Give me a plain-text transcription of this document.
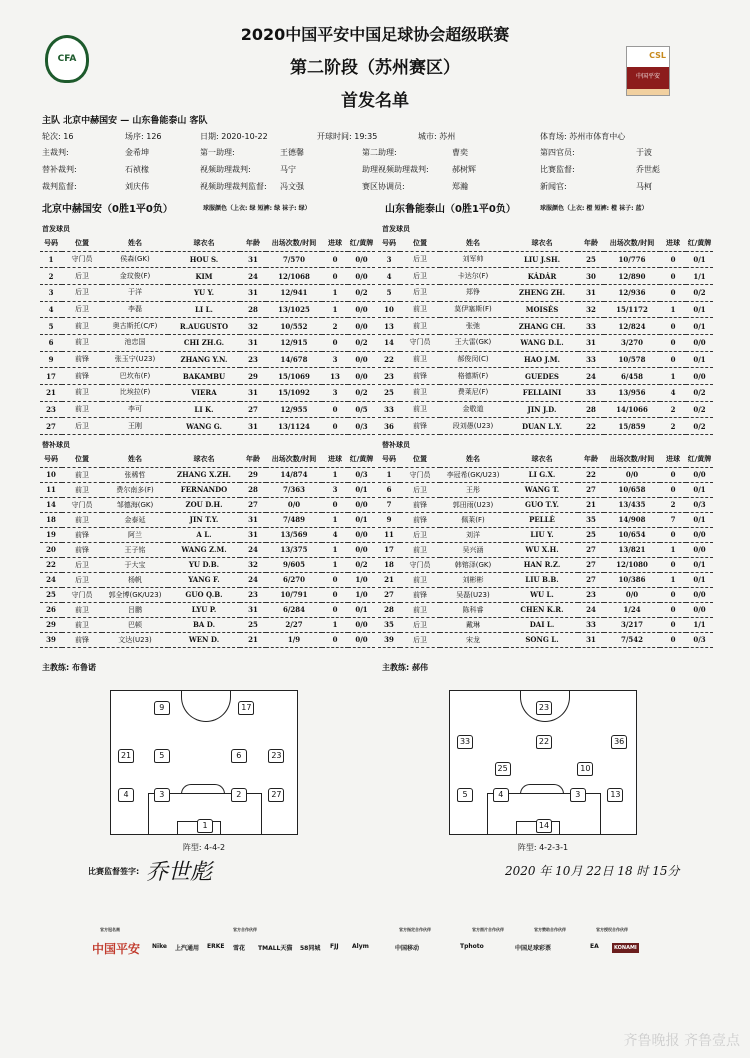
2020中国平安中国足球协会超级联赛
第二阶段（苏州赛区）
首发名单
CFA	CSL
中国平安
主队 北京中赫国安 — 山东鲁能泰山 客队
轮次: 16	场序: 126	日期: 2020-10-22	开球时间: 19:35	城市: 苏州	体育场: 苏州市体育中心
主裁判:	金希坤	第一助理:	王德馨	第二助理:	曹奕	第四官员:	于波
替补裁判:	石祯椽	视频助理裁判:	马宁	助理视频助理裁判:	郝树辉	比赛监督:	乔世彪
裁判监督:	刘庆伟	视频助理裁判监督: 冯文强	赛区协调员:	郑瀚	新闻官:	马柯
北京中赫国安（0胜1平0负）	球服颜色（上衣: 绿 短裤: 绿 袜子: 绿）	山东鲁能泰山（0胜1平0负）	球服颜色（上衣: 橙 短裤: 橙 袜子: 蓝）
首发球员	首发球员
替补球员	替补球员
号码	位置	姓名	球衣名	年龄	出场次数/时间	进球	红/黄牌
1	守门员	侯森(GK)	HOU S.	31	7/570	0	0/0
2	后卫	金玟俊(F)	KIM	24	12/1068	0	0/0
3	后卫	于洋	YU Y.	31	12/941	1	0/2
4	后卫	李磊	LI L.	28	13/1025	1	0/0
5	前卫	奥古斯托(C/F)	R.AUGUSTO	32	10/552	2	0/0
6	前卫	池忠国	CHI ZH.G.	31	12/915	0	0/2
9	前锋	张玉宁(U23)	ZHANG Y.N.	23	14/678	3	0/0
17	前锋	巴坎布(F)	BAKAMBU	29	15/1069	13	0/0
21	前卫	比埃拉(F)	VIERA	31	15/1092	3	0/2
23	前卫	李可	LI K.	27	12/955	0	0/5
27	后卫	王刚	WANG G.	31	13/1124	0	0/3
号码	位置	姓名	球衣名	年龄	出场次数/时间	进球	红/黄牌
3	后卫	刘军帅	LIU J.SH.	25	10/776	0	0/1
4	后卫	卡达尔(F)	KÁDÁR	30	12/890	0	1/1
5	后卫	郑铮	ZHENG ZH.	31	12/936	0	0/2
10	前卫	莫伊塞斯(F)	MOISÉS	32	15/1172	1	0/1
13	前卫	张弛	ZHANG CH.	33	12/824	0	0/1
14	守门员	王大雷(GK)	WANG D.L.	31	3/270	0	0/0
22	前卫	郝俊闵(C)	HAO J.M.	33	10/578	0	0/1
23	前锋	格德斯(F)	GUEDES	24	6/458	1	0/0
25	前卫	费莱尼(F)	FELLAINI	33	13/956	4	0/2
33	前卫	金敬道	JIN J.D.	28	14/1066	2	0/2
36	前锋	段刘愚(U23)	DUAN L.Y.	22	15/859	2	0/2
号码	位置	姓名	球衣名	年龄	出场次数/时间	进球	红/黄牌
10	前卫	张稀哲	ZHANG X.ZH.	29	14/874	1	0/3
11	前卫	费尔南多(F)	FERNANDO	28	7/363	3	0/1
14	守门员	邹德海(GK)	ZOU D.H.	27	0/0	0	0/0
18	前卫	金泰延	JIN T.Y.	31	7/489	1	0/1
19	前锋	阿兰	A L.	31	13/569	4	0/0
20	前锋	王子铭	WANG Z.M.	24	13/375	1	0/0
22	后卫	于大宝	YU D.B.	32	9/605	1	0/2
24	后卫	杨帆	YANG F.	24	6/270	0	1/0
25	守门员	郭全博(GK/U23)	GUO Q.B.	23	10/791	0	1/0
26	前卫	吕鹏	LYU P.	31	6/284	0	0/1
29	前卫	巴顿	BA D.	25	2/27	1	0/0
39	前锋	文达(U23)	WEN D.	21	1/9	0	0/0
号码	位置	姓名	球衣名	年龄	出场次数/时间	进球	红/黄牌
1	守门员	李冠希(GK/U23)	LI G.X.	22	0/0	0	0/0
6	后卫	王彤	WANG T.	27	10/658	0	0/1
7	前锋	郭田雨(U23)	GUO T.Y.	21	13/435	2	0/3
9	前锋	佩莱(F)	PELLÈ	35	14/908	7	0/1
11	后卫	刘洋	LIU Y.	25	10/654	0	0/0
17	前卫	吴兴涵	WU X.H.	27	13/821	1	0/0
18	守门员	韩镕泽(GK)	HAN R.Z.	27	12/1080	0	0/1
21	前卫	刘彬彬	LIU B.B.	27	10/386	1	0/1
27	前锋	吴磊(U23)	WU L.	23	0/0	0	0/0
28	前卫	陈科睿	CHEN K.R.	24	1/24	0	0/0
35	后卫	戴琳	DAI L.	33	3/217	0	1/1
39	后卫	宋龙	SONG L.	31	7/542	0	0/3
主教练: 布鲁诺	主教练: 郝伟
9	17
21	5	6	23
4	3	2	27
1
23
33	22	36
25	10
5	4	3	13
14
阵型: 4-4-2	阵型: 4-2-3-1
比赛监督签字: 乔世彪	2020 年 10月 22日 18 时 15分
官方冠名商	官方合作伙伴	官方指定合作伙伴	官方图片合作伙伴	官方赞助合作伙伴	官方授权合作伙伴
中国平安 Nike 上汽通用 ERKE 雪花 TMALL天猫 58同城 FJJ Alym	中国移动	Tphoto	中国足球彩票	EA	KONAMI
齐鲁晚报 齐鲁壹点
